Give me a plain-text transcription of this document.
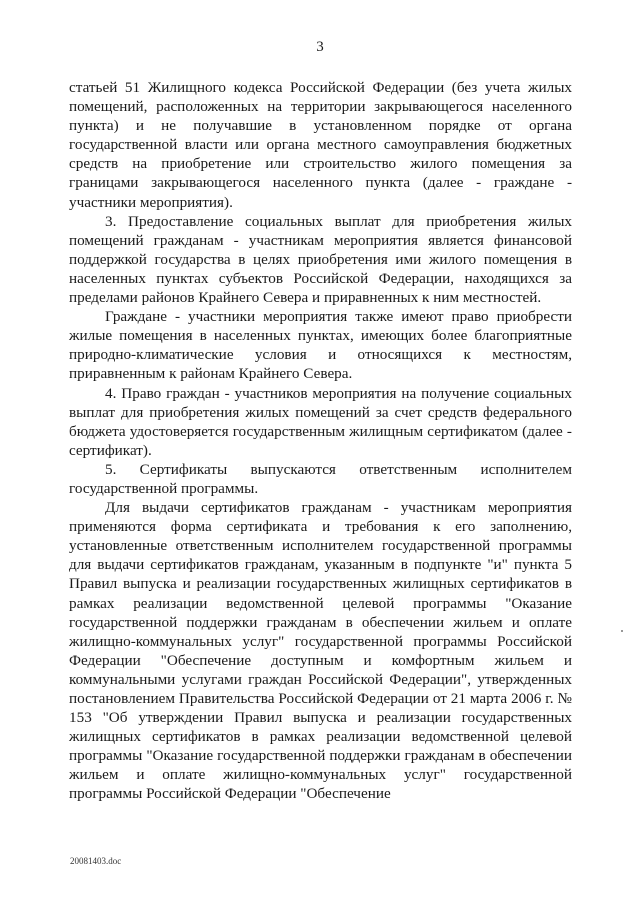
3

статьей 51 Жилищного кодекса Российской Федерации (без учета жилых помещений, расположенных на территории закрывающегося населенного пункта) и не получавшие в установленном порядке от органа государственной власти или органа местного самоуправления бюджетных средств на приобретение или строительство жилого помещения за границами закрывающегося населенного пункта (далее - граждане - участники мероприятия).

3. Предоставление социальных выплат для приобретения жилых помещений гражданам - участникам мероприятия является финансовой поддержкой государства в целях приобретения ими жилого помещения в населенных пунктах субъектов Российской Федерации, находящихся за пределами районов Крайнего Севера и приравненных к ним местностей.

Граждане - участники мероприятия также имеют право приобрести жилые помещения в населенных пунктах, имеющих более благоприятные природно-климатические условия и относящихся к местностям, приравненным к районам Крайнего Севера.

4. Право граждан - участников мероприятия на получение социальных выплат для приобретения жилых помещений за счет средств федерального бюджета удостоверяется государственным жилищным сертификатом (далее - сертификат).

5. Сертификаты выпускаются ответственным исполнителем государственной программы.

Для выдачи сертификатов гражданам - участникам мероприятия применяются форма сертификата и требования к его заполнению, установленные ответственным исполнителем государственной программы для выдачи сертификатов гражданам, указанным в подпункте "и" пункта 5 Правил выпуска и реализации государственных жилищных сертификатов в рамках реализации ведомственной целевой программы "Оказание государственной поддержки гражданам в обеспечении жильем и оплате жилищно-коммунальных услуг" государственной программы Российской Федерации "Обеспечение доступным и комфортным жильем и коммунальными услугами граждан Российской Федерации", утвержденных постановлением Правительства Российской Федерации от 21 марта 2006 г. № 153 "Об утверждении Правил выпуска и реализации государственных жилищных сертификатов в рамках реализации ведомственной целевой программы "Оказание государственной поддержки гражданам в обеспечении жильем и оплате жилищно-коммунальных услуг" государственной программы Российской Федерации "Обеспечение

20081403.doc
